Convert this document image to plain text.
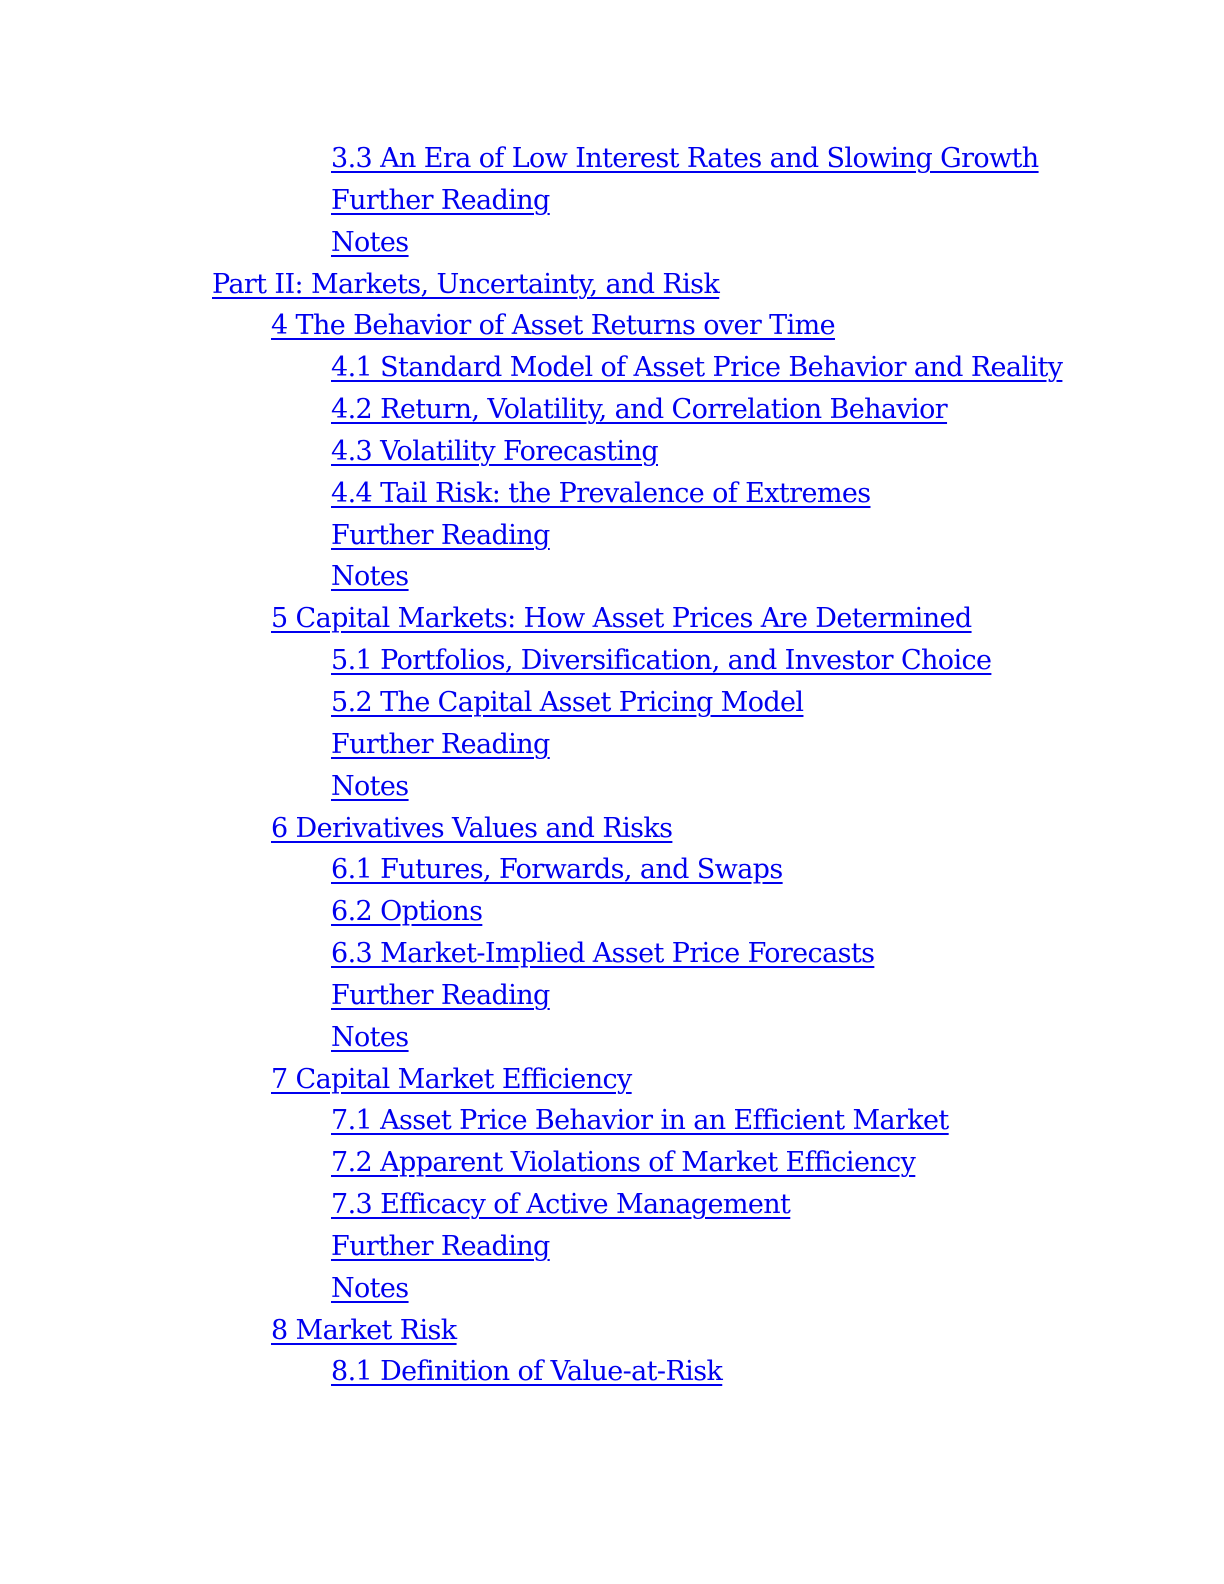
3.3 An Era of Low Interest Rates and Slowing Growth
Further Reading
Notes
Part II: Markets, Uncertainty, and Risk
4 The Behavior of Asset Returns over Time
4.1 Standard Model of Asset Price Behavior and Reality
4.2 Return, Volatility, and Correlation Behavior
4.3 Volatility Forecasting
4.4 Tail Risk: the Prevalence of Extremes
Further Reading
Notes
5 Capital Markets: How Asset Prices Are Determined
5.1 Portfolios, Diversification, and Investor Choice
5.2 The Capital Asset Pricing Model
Further Reading
Notes
6 Derivatives Values and Risks
6.1 Futures, Forwards, and Swaps
6.2 Options
6.3 Market-Implied Asset Price Forecasts
Further Reading
Notes
7 Capital Market Efficiency
7.1 Asset Price Behavior in an Efficient Market
7.2 Apparent Violations of Market Efficiency
7.3 Efficacy of Active Management
Further Reading
Notes
8 Market Risk
8.1 Definition of Value-at-Risk
